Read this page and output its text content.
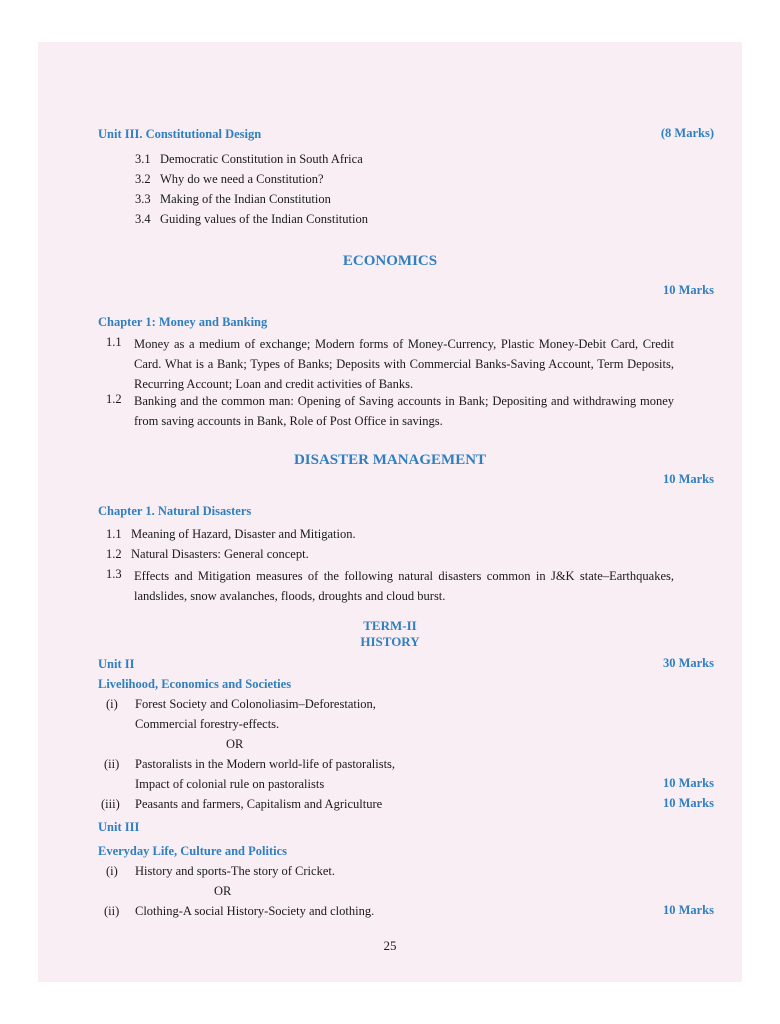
Unit III. Constitutional Design	(8 Marks)
3.1 Democratic Constitution in South Africa
3.2 Why do we need a Constitution?
3.3 Making of the Indian Constitution
3.4 Guiding values of the Indian Constitution
ECONOMICS
10 Marks
Chapter 1: Money and Banking
1.1 Money as a medium of exchange; Modern forms of Money-Currency, Plastic Money-Debit Card, Credit Card. What is a Bank; Types of Banks; Deposits with Commercial Banks-Saving Account, Term Deposits, Recurring Account; Loan and credit activities of Banks.
1.2 Banking and the common man: Opening of Saving accounts in Bank; Depositing and withdrawing money from saving accounts in Bank, Role of Post Office in savings.
DISASTER MANAGEMENT
10 Marks
Chapter 1. Natural Disasters
1.1 Meaning of Hazard, Disaster and Mitigation.
1.2 Natural Disasters: General concept.
1.3 Effects and Mitigation measures of the following natural disasters common in J&K state–Earthquakes, landslides, snow avalanches, floods, droughts and cloud burst.
TERM-II
HISTORY
Unit II	30 Marks
Livelihood, Economics and Societies
(i) Forest Society and Colonoliasim–Deforestation,
Commercial forestry-effects.
OR
(ii) Pastoralists in the Modern world-life of pastoralists,
Impact of colonial rule on pastoralists	10 Marks
(iii) Peasants and farmers, Capitalism and Agriculture	10 Marks
Unit III
Everyday Life, Culture and Politics
(i) History and sports-The story of Cricket.
OR
(ii) Clothing-A social History-Society and clothing.	10 Marks
25
